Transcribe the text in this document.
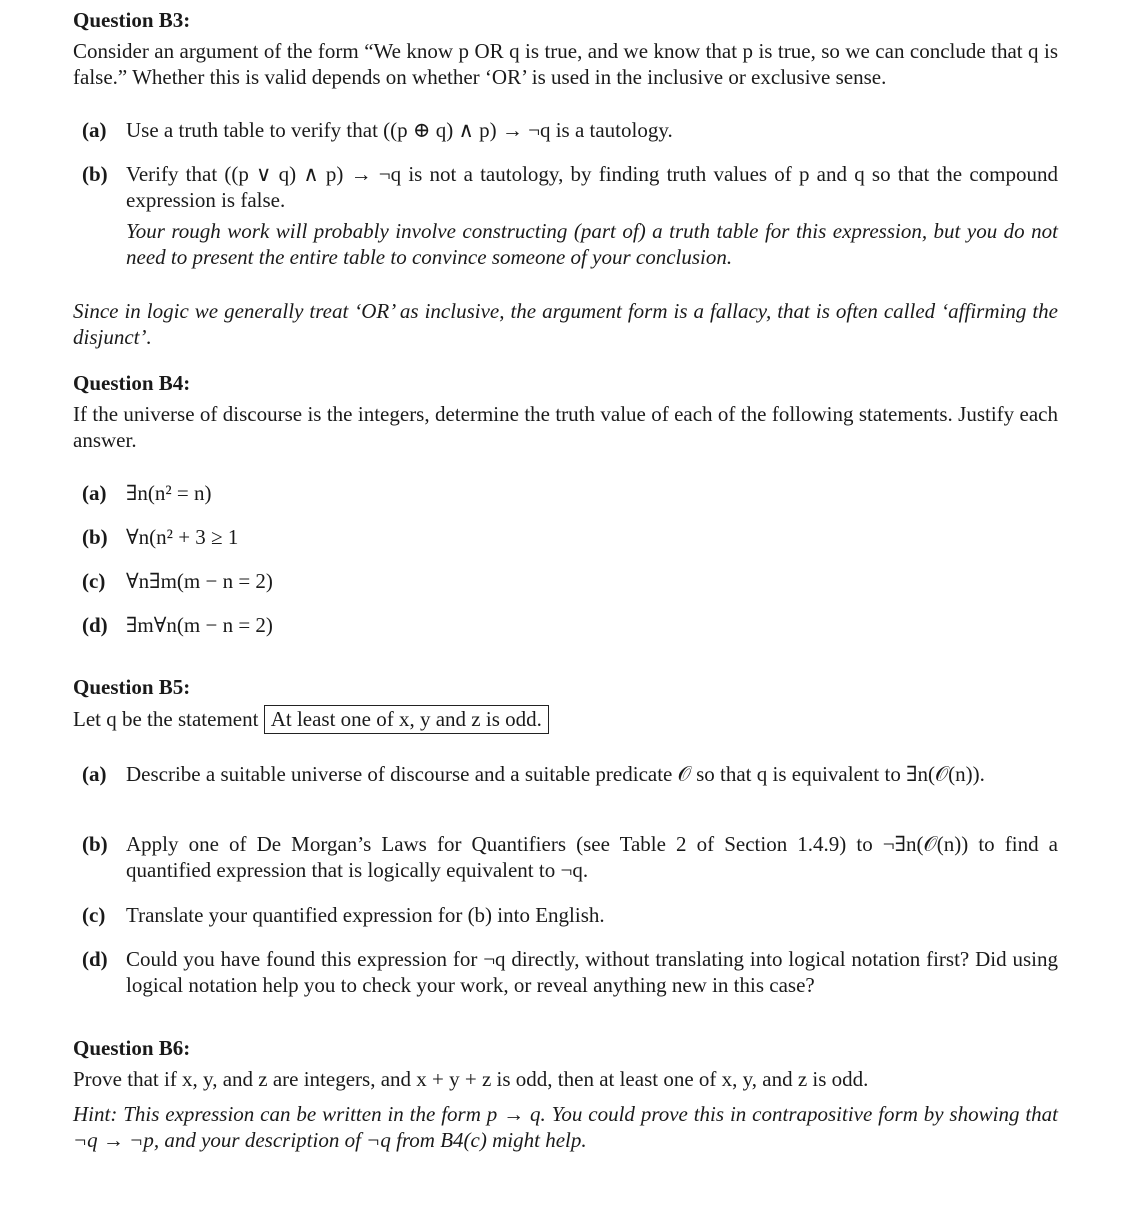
Question B3:
Consider an argument of the form “We know p OR q is true, and we know that p is true, so we can conclude that q is false.” Whether this is valid depends on whether ‘OR’ is used in the inclusive or exclusive sense.
(a) Use a truth table to verify that ((p ⊕ q) ∧ p) → ¬q is a tautology.
(b) Verify that ((p ∨ q) ∧ p) → ¬q is not a tautology, by finding truth values of p and q so that the compound expression is false.
Your rough work will probably involve constructing (part of) a truth table for this expression, but you do not need to present the entire table to convince someone of your conclusion.
Since in logic we generally treat ‘OR’ as inclusive, the argument form is a fallacy, that is often called ‘affirming the disjunct’.
Question B4:
If the universe of discourse is the integers, determine the truth value of each of the following statements. Justify each answer.
(a) ∃n(n² = n)
(b) ∀n(n² + 3 ≥ 1
(c) ∀n∃m(m − n = 2)
(d) ∃m∀n(m − n = 2)
Question B5:
Let q be the statement At least one of x, y and z is odd.
(a) Describe a suitable universe of discourse and a suitable predicate 𝒪 so that q is equivalent to ∃n(𝒪(n)).
(b) Apply one of De Morgan’s Laws for Quantifiers (see Table 2 of Section 1.4.9) to ¬∃n(𝒪(n)) to find a quantified expression that is logically equivalent to ¬q.
(c) Translate your quantified expression for (b) into English.
(d) Could you have found this expression for ¬q directly, without translating into logical notation first? Did using logical notation help you to check your work, or reveal anything new in this case?
Question B6:
Prove that if x, y, and z are integers, and x + y + z is odd, then at least one of x, y, and z is odd.
Hint: This expression can be written in the form p → q. You could prove this in contrapositive form by showing that ¬q → ¬p, and your description of ¬q from B4(c) might help.
